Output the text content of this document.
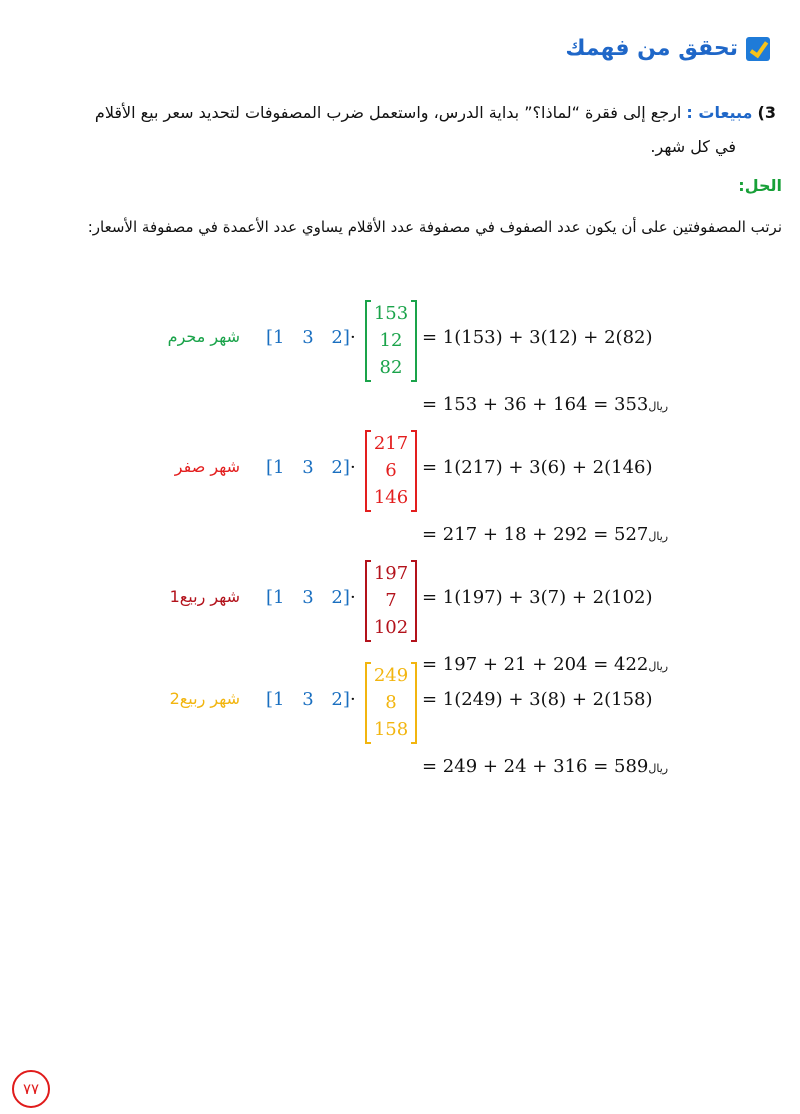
تحقق من فهمك
3) مبيعات : ارجع إلى فقرة “لماذا؟” بداية الدرس، واستعمل ضرب المصفوفات لتحديد سعر بيع الأقلام
في كل شهر.
الحل:
نرتب المصفوفتين على أن يكون عدد الصفوف في مصفوفة عدد الأقلام يساوي عدد الأعمدة في مصفوفة الأسعار:
شهر محرم	[1 3 2] ·
153
12
82
= 1(153) + 3(12) + 2(82)
= 153 + 36 + 164 = 353ريال
شهر صفر	[1 3 2] ·
217
6
146
= 1(217) + 3(6) + 2(146)
= 217 + 18 + 292 = 527ريال
شهر ربيع1	[1 3 2] ·
197
7
102
= 1(197) + 3(7) + 2(102)
= 197 + 21 + 204 = 422ريال
شهر ربيع2	[1 3 2] ·
249
8
158
= 1(249) + 3(8) + 2(158)
= 249 + 24 + 316 = 589ريال
٧٧
